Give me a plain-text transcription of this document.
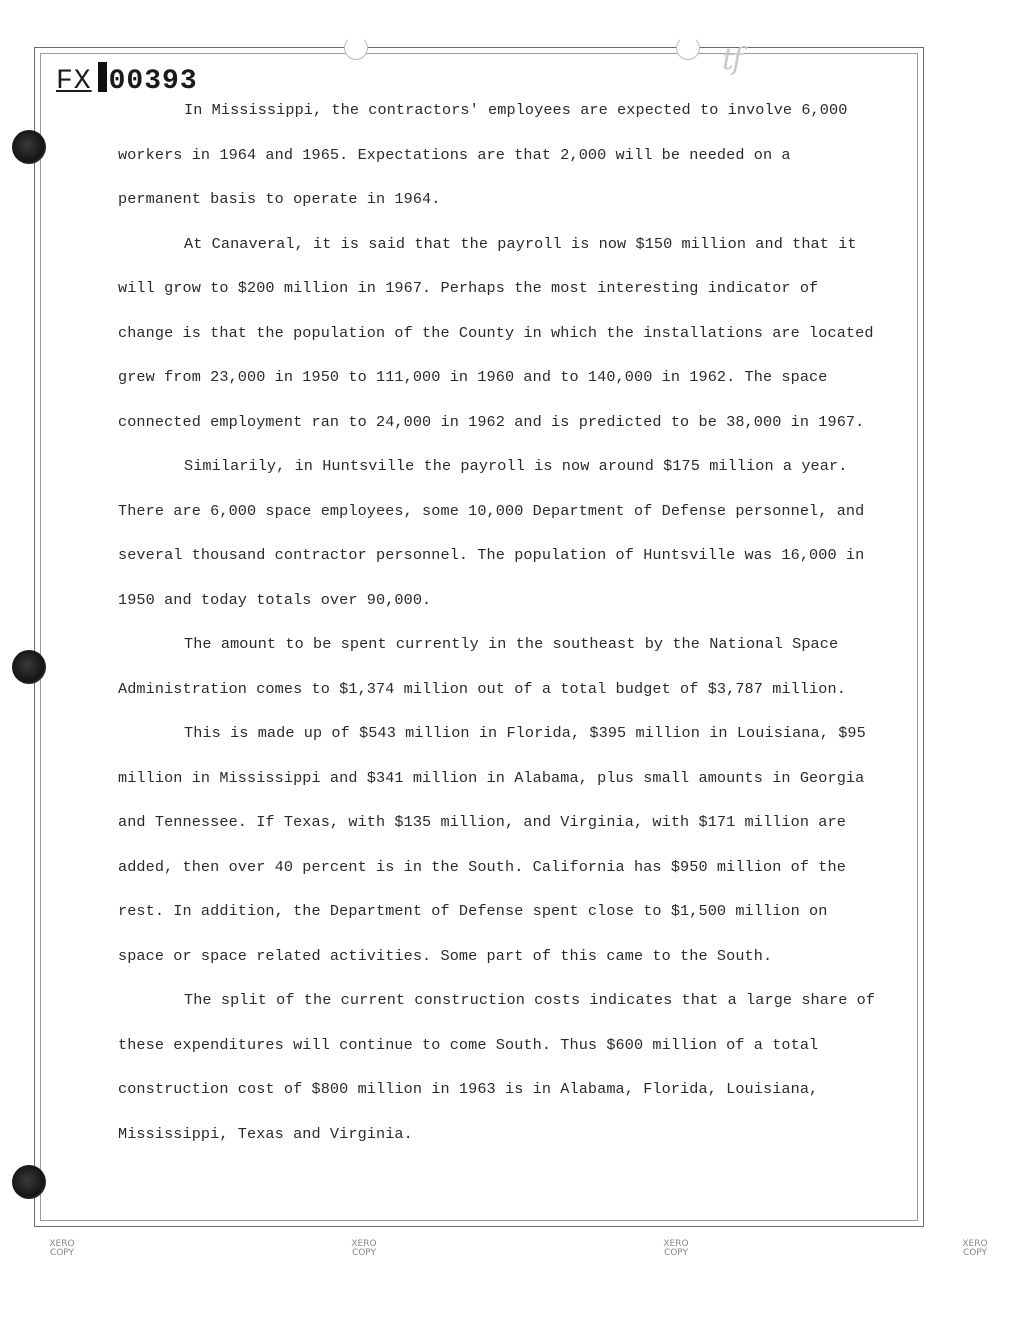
FX 00393
tf

In Mississippi, the contractors' employees are expected to involve 6,000 workers in 1964 and 1965. Expectations are that 2,000 will be needed on a permanent basis to operate in 1964.

At Canaveral, it is said that the payroll is now $150 million and that it will grow to $200 million in 1967. Perhaps the most interesting indicator of change is that the population of the County in which the installations are located grew from 23,000 in 1950 to 111,000 in 1960 and to 140,000 in 1962. The space connected employment ran to 24,000 in 1962 and is predicted to be 38,000 in 1967.

Similarily, in Huntsville the payroll is now around $175 million a year. There are 6,000 space employees, some 10,000 Department of Defense personnel, and several thousand contractor personnel. The population of Huntsville was 16,000 in 1950 and today totals over 90,000.

The amount to be spent currently in the southeast by the National Space Administration comes to $1,374 million out of a total budget of $3,787 million.

This is made up of $543 million in Florida, $395 million in Louisiana, $95 million in Mississippi and $341 million in Alabama, plus small amounts in Georgia and Tennessee. If Texas, with $135 million, and Virginia, with $171 million are added, then over 40 percent is in the South. California has $950 million of the rest. In addition, the Department of Defense spent close to $1,500 million on space or space related activities. Some part of this came to the South.

The split of the current construction costs indicates that a large share of these expenditures will continue to come South. Thus $600 million of a total construction cost of $800 million in 1963 is in Alabama, Florida, Louisiana, Mississippi, Texas and Virginia.

XERO COPY
XERO COPY
XERO COPY
XERO COPY
